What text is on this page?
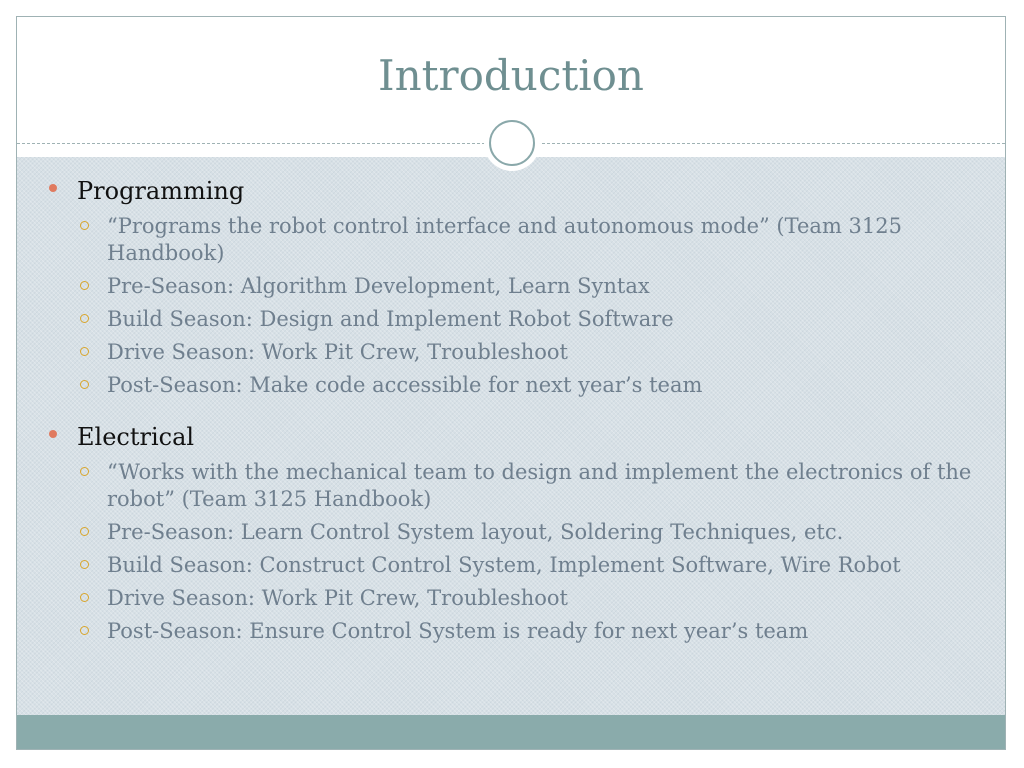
Introduction
Programming
“Programs the robot control interface and autonomous mode” (Team 3125 Handbook)
Pre-Season: Algorithm Development, Learn Syntax
Build Season: Design and Implement Robot Software
Drive Season: Work Pit Crew, Troubleshoot
Post-Season: Make code accessible for next year’s team
Electrical
“Works with the mechanical team to design and implement the electronics of the robot” (Team 3125 Handbook)
Pre-Season: Learn Control System layout, Soldering Techniques, etc.
Build Season: Construct Control System, Implement Software, Wire Robot
Drive Season: Work Pit Crew, Troubleshoot
Post-Season: Ensure Control System is ready for next year’s team
